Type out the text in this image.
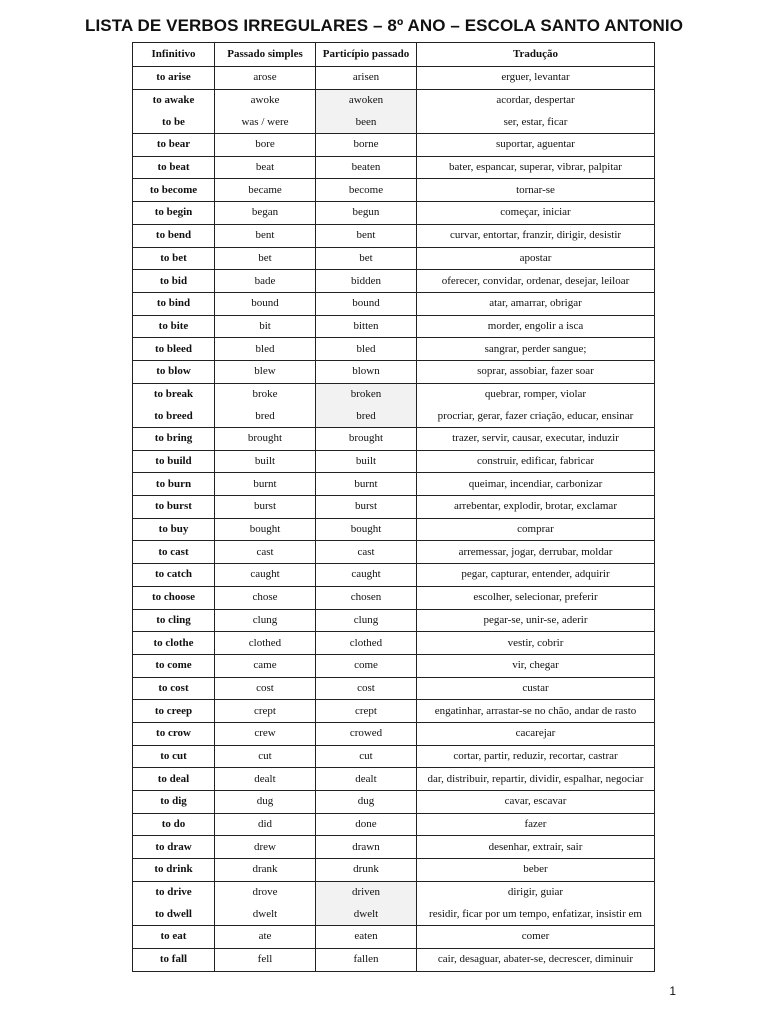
LISTA DE VERBOS IRREGULARES – 8º ANO – ESCOLA SANTO ANTONIO
Infinitivo	Passado simples	Particípio passado	Tradução
to arise	arose	arisen	erguer, levantar
to awake	awoke	awoken	acordar, despertar
to be	was / were	been	ser, estar, ficar
to bear	bore	borne	suportar, aguentar
to beat	beat	beaten	bater, espancar, superar, vibrar, palpitar
to become	became	become	tornar-se
to begin	began	begun	começar, iniciar
to bend	bent	bent	curvar, entortar, franzir, dirigir, desistir
to bet	bet	bet	apostar
to bid	bade	bidden	oferecer, convidar, ordenar, desejar, leiloar
to bind	bound	bound	atar, amarrar, obrigar
to bite	bit	bitten	morder, engolir a isca
to bleed	bled	bled	sangrar, perder sangue;
to blow	blew	blown	soprar, assobiar, fazer soar
to break	broke	broken	quebrar, romper, violar
to breed	bred	bred	procriar, gerar, fazer criação, educar, ensinar
to bring	brought	brought	trazer, servir, causar, executar, induzir
to build	built	built	construir, edificar, fabricar
to burn	burnt	burnt	queimar, incendiar, carbonizar
to burst	burst	burst	arrebentar, explodir, brotar, exclamar
to buy	bought	bought	comprar
to cast	cast	cast	arremessar, jogar, derrubar, moldar
to catch	caught	caught	pegar, capturar, entender, adquirir
to choose	chose	chosen	escolher, selecionar, preferir
to cling	clung	clung	pegar-se, unir-se, aderir
to clothe	clothed	clothed	vestir, cobrir
to come	came	come	vir, chegar
to cost	cost	cost	custar
to creep	crept	crept	engatinhar, arrastar-se no chão, andar de rasto
to crow	crew	crowed	cacarejar
to cut	cut	cut	cortar, partir, reduzir, recortar, castrar
to deal	dealt	dealt	dar, distribuir, repartir, dividir, espalhar, negociar
to dig	dug	dug	cavar, escavar
to do	did	done	fazer
to draw	drew	drawn	desenhar, extrair, sair
to drink	drank	drunk	beber
to drive	drove	driven	dirigir, guiar
to dwell	dwelt	dwelt	residir, ficar por um tempo, enfatizar, insistir em
to eat	ate	eaten	comer
to fall	fell	fallen	cair, desaguar, abater-se, decrescer, diminuir
1
